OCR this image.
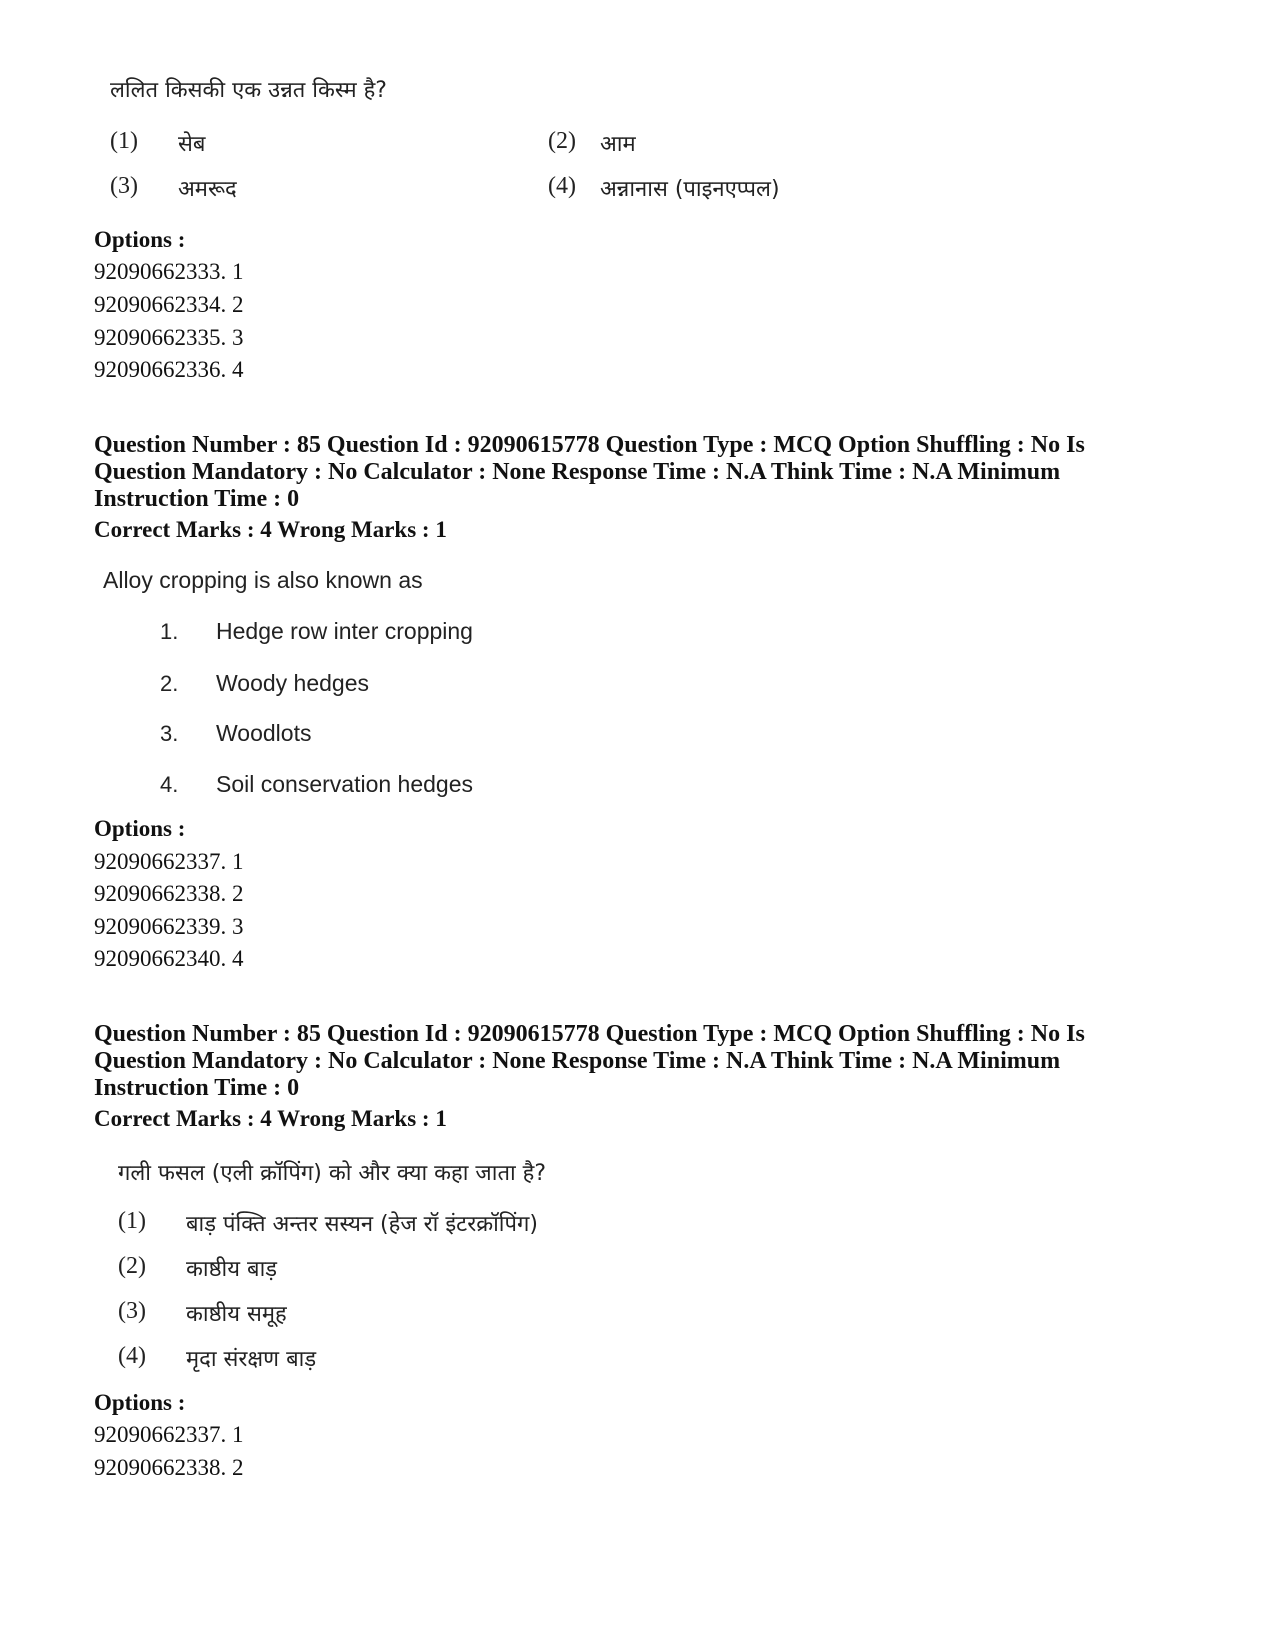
ललित किसकी एक उन्नत किस्म है?
(1) सेब	(2) आम
(3) अमरूद	(4) अन्नानास (पाइनएप्पल)
Options :
92090662333. 1
92090662334. 2
92090662335. 3
92090662336. 4
Question Number : 85 Question Id : 92090615778 Question Type : MCQ Option Shuffling : No Is
Question Mandatory : No Calculator : None Response Time : N.A Think Time : N.A Minimum
Instruction Time : 0
Correct Marks : 4 Wrong Marks : 1
Alloy cropping is also known as
1. Hedge row inter cropping
2. Woody hedges
3. Woodlots
4. Soil conservation hedges
Options :
92090662337. 1
92090662338. 2
92090662339. 3
92090662340. 4
Question Number : 85 Question Id : 92090615778 Question Type : MCQ Option Shuffling : No Is
Question Mandatory : No Calculator : None Response Time : N.A Think Time : N.A Minimum
Instruction Time : 0
Correct Marks : 4 Wrong Marks : 1
गली फसल (एली क्रॉपिंग) को और क्या कहा जाता है?
(1) बाड़ पंक्ति अन्तर सस्यन (हेज रॉ इंटरक्रॉपिंग)
(2) काष्ठीय बाड़
(3) काष्ठीय समूह
(4) मृदा संरक्षण बाड़
Options :
92090662337. 1
92090662338. 2
